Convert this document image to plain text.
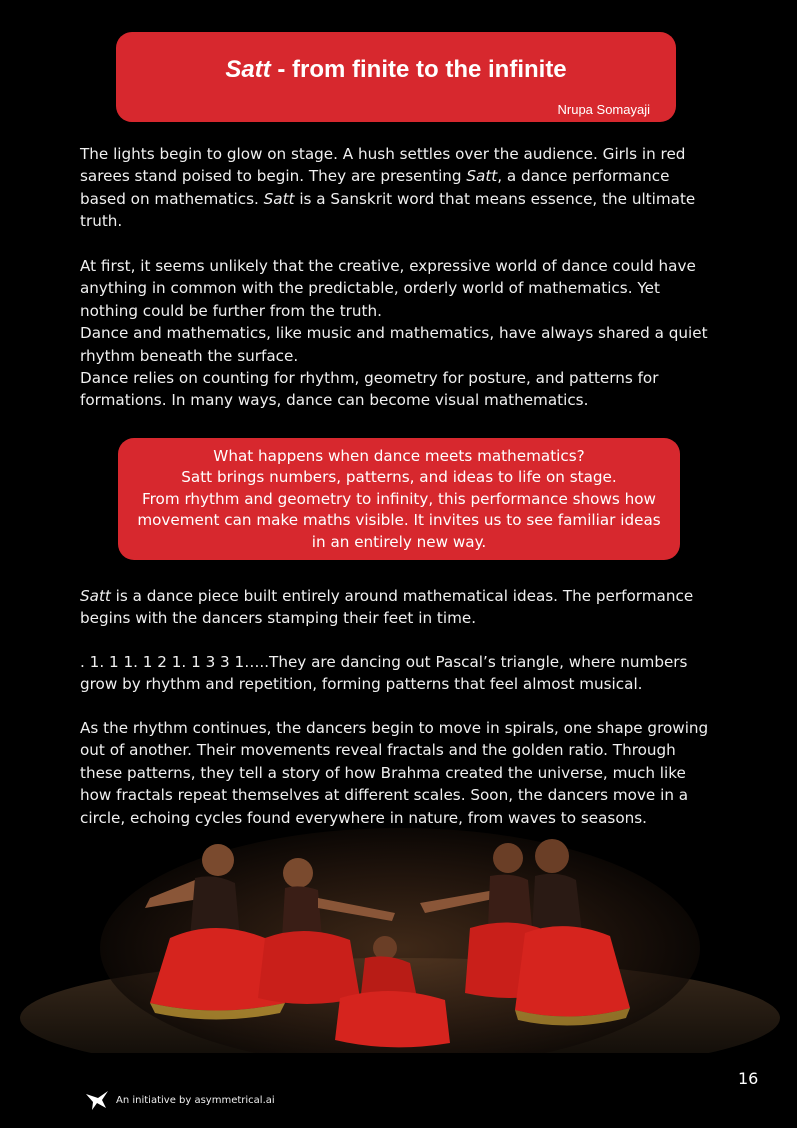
Satt - from finite to the infinite
Nrupa Somayaji

The lights begin to glow on stage. A hush settles over the audience. Girls in red sarees stand poised to begin. They are presenting Satt, a dance performance based on mathematics. Satt is a Sanskrit word that means essence, the ultimate truth.

At first, it seems unlikely that the creative, expressive world of dance could have anything in common with the predictable, orderly world of mathematics. Yet nothing could be further from the truth.
Dance and mathematics, like music and mathematics, have always shared a quiet rhythm beneath the surface.
Dance relies on counting for rhythm, geometry for posture, and patterns for formations. In many ways, dance can become visual mathematics.
What happens when dance meets mathematics?
Satt brings numbers, patterns, and ideas to life on stage.
From rhythm and geometry to infinity, this performance shows how movement can make maths visible. It invites us to see familiar ideas in an entirely new way.

Satt is a dance piece built entirely around mathematical ideas. The performance begins with the dancers stamping their feet in time.

. 1. 1 1. 1 2 1. 1 3 3 1…..They are dancing out Pascal’s triangle, where numbers grow by rhythm and repetition, forming patterns that feel almost musical.

As the rhythm continues, the dancers begin to move in spirals, one shape growing out of another. Their movements reveal fractals and the golden ratio. Through these patterns, they tell a story of how Brahma created the universe, much like how fractals repeat themselves at different scales. Soon, the dancers move in a circle, echoing cycles found everywhere in nature, from waves to seasons.

16
An initiative by asymmetrical.ai
